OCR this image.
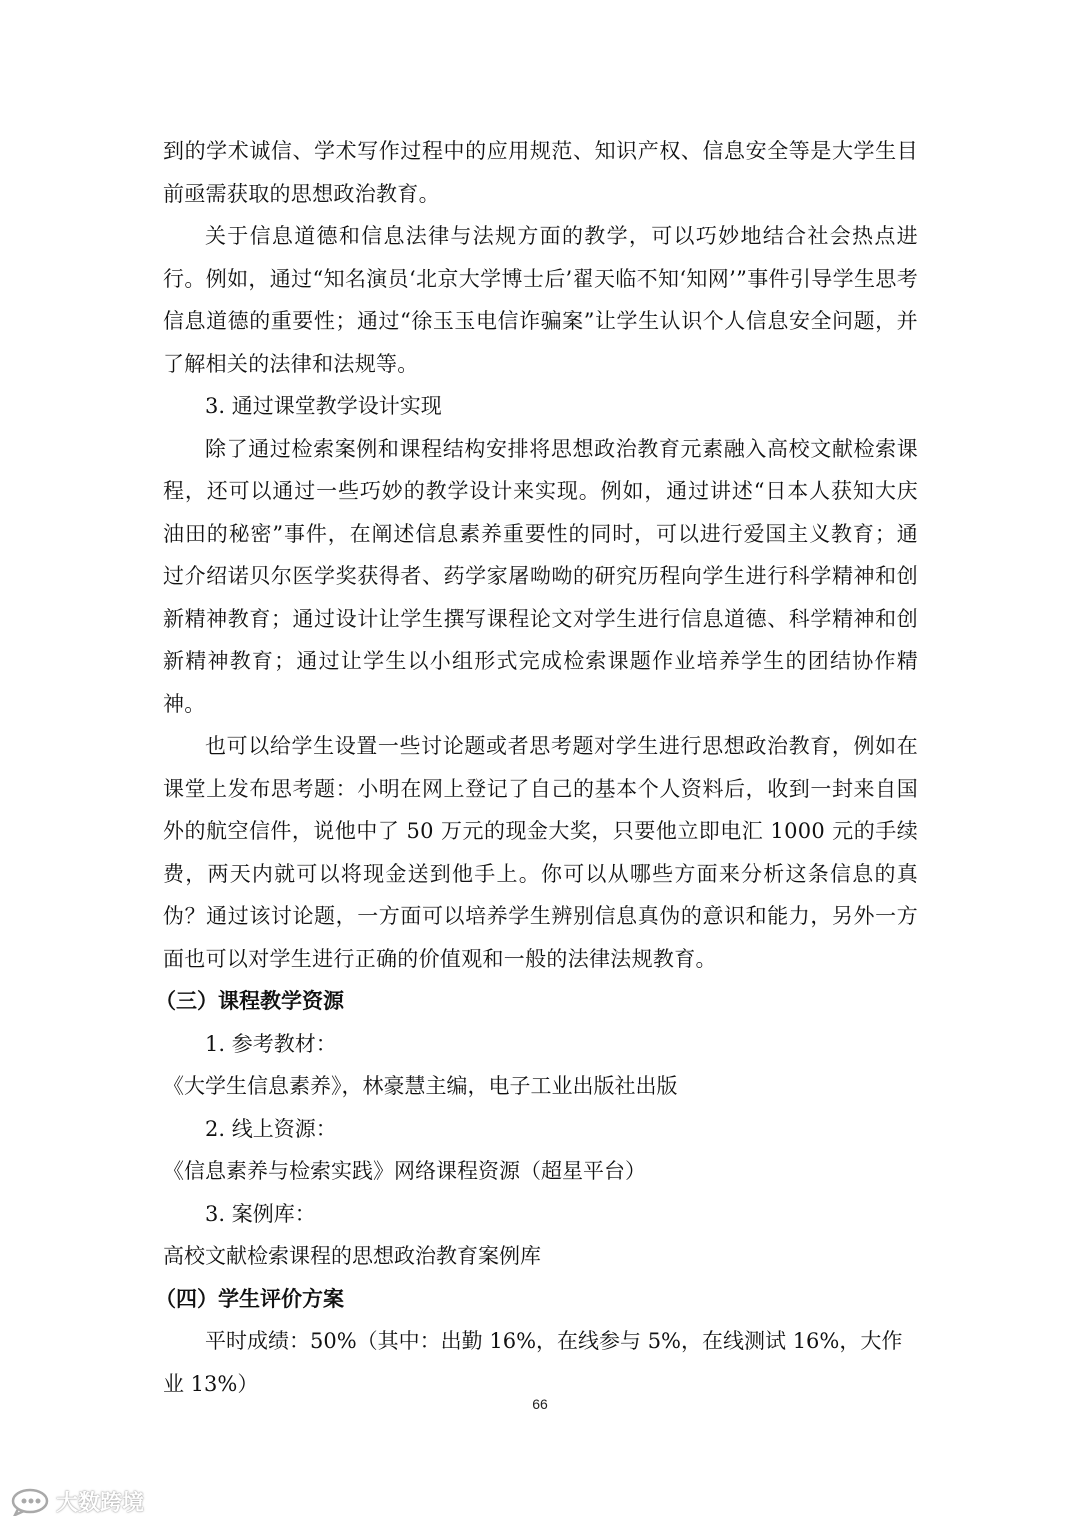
到的学术诚信、学术写作过程中的应用规范、知识产权、信息安全等是大学生目前亟需获取的思想政治教育。

关于信息道德和信息法律与法规方面的教学，可以巧妙地结合社会热点进行。例如，通过“知名演员‘北京大学博士后’翟天临不知‘知网’”事件引导学生思考信息道德的重要性；通过“徐玉玉电信诈骗案”让学生认识个人信息安全问题，并了解相关的法律和法规等。

3. 通过课堂教学设计实现

除了通过检索案例和课程结构安排将思想政治教育元素融入高校文献检索课程，还可以通过一些巧妙的教学设计来实现。例如，通过讲述“日本人获知大庆油田的秘密”事件，在阐述信息素养重要性的同时，可以进行爱国主义教育；通过介绍诺贝尔医学奖获得者、药学家屠呦呦的研究历程向学生进行科学精神和创新精神教育；通过设计让学生撰写课程论文对学生进行信息道德、科学精神和创新精神教育；通过让学生以小组形式完成检索课题作业培养学生的团结协作精神。

也可以给学生设置一些讨论题或者思考题对学生进行思想政治教育，例如在课堂上发布思考题：小明在网上登记了自己的基本个人资料后，收到一封来自国外的航空信件，说他中了 50 万元的现金大奖，只要他立即电汇 1000 元的手续费，两天内就可以将现金送到他手上。你可以从哪些方面来分析这条信息的真伪？通过该讨论题，一方面可以培养学生辨别信息真伪的意识和能力，另外一方面也可以对学生进行正确的价值观和一般的法律法规教育。

（三）课程教学资源

1. 参考教材：

《大学生信息素养》，林豪慧主编，电子工业出版社出版

2. 线上资源：

《信息素养与检索实践》网络课程资源（超星平台）

3. 案例库：

高校文献检索课程的思想政治教育案例库

（四）学生评价方案

平时成绩：50%（其中：出勤 16%，在线参与 5%，在线测试 16%，大作业 13%）

66
大数跨境
